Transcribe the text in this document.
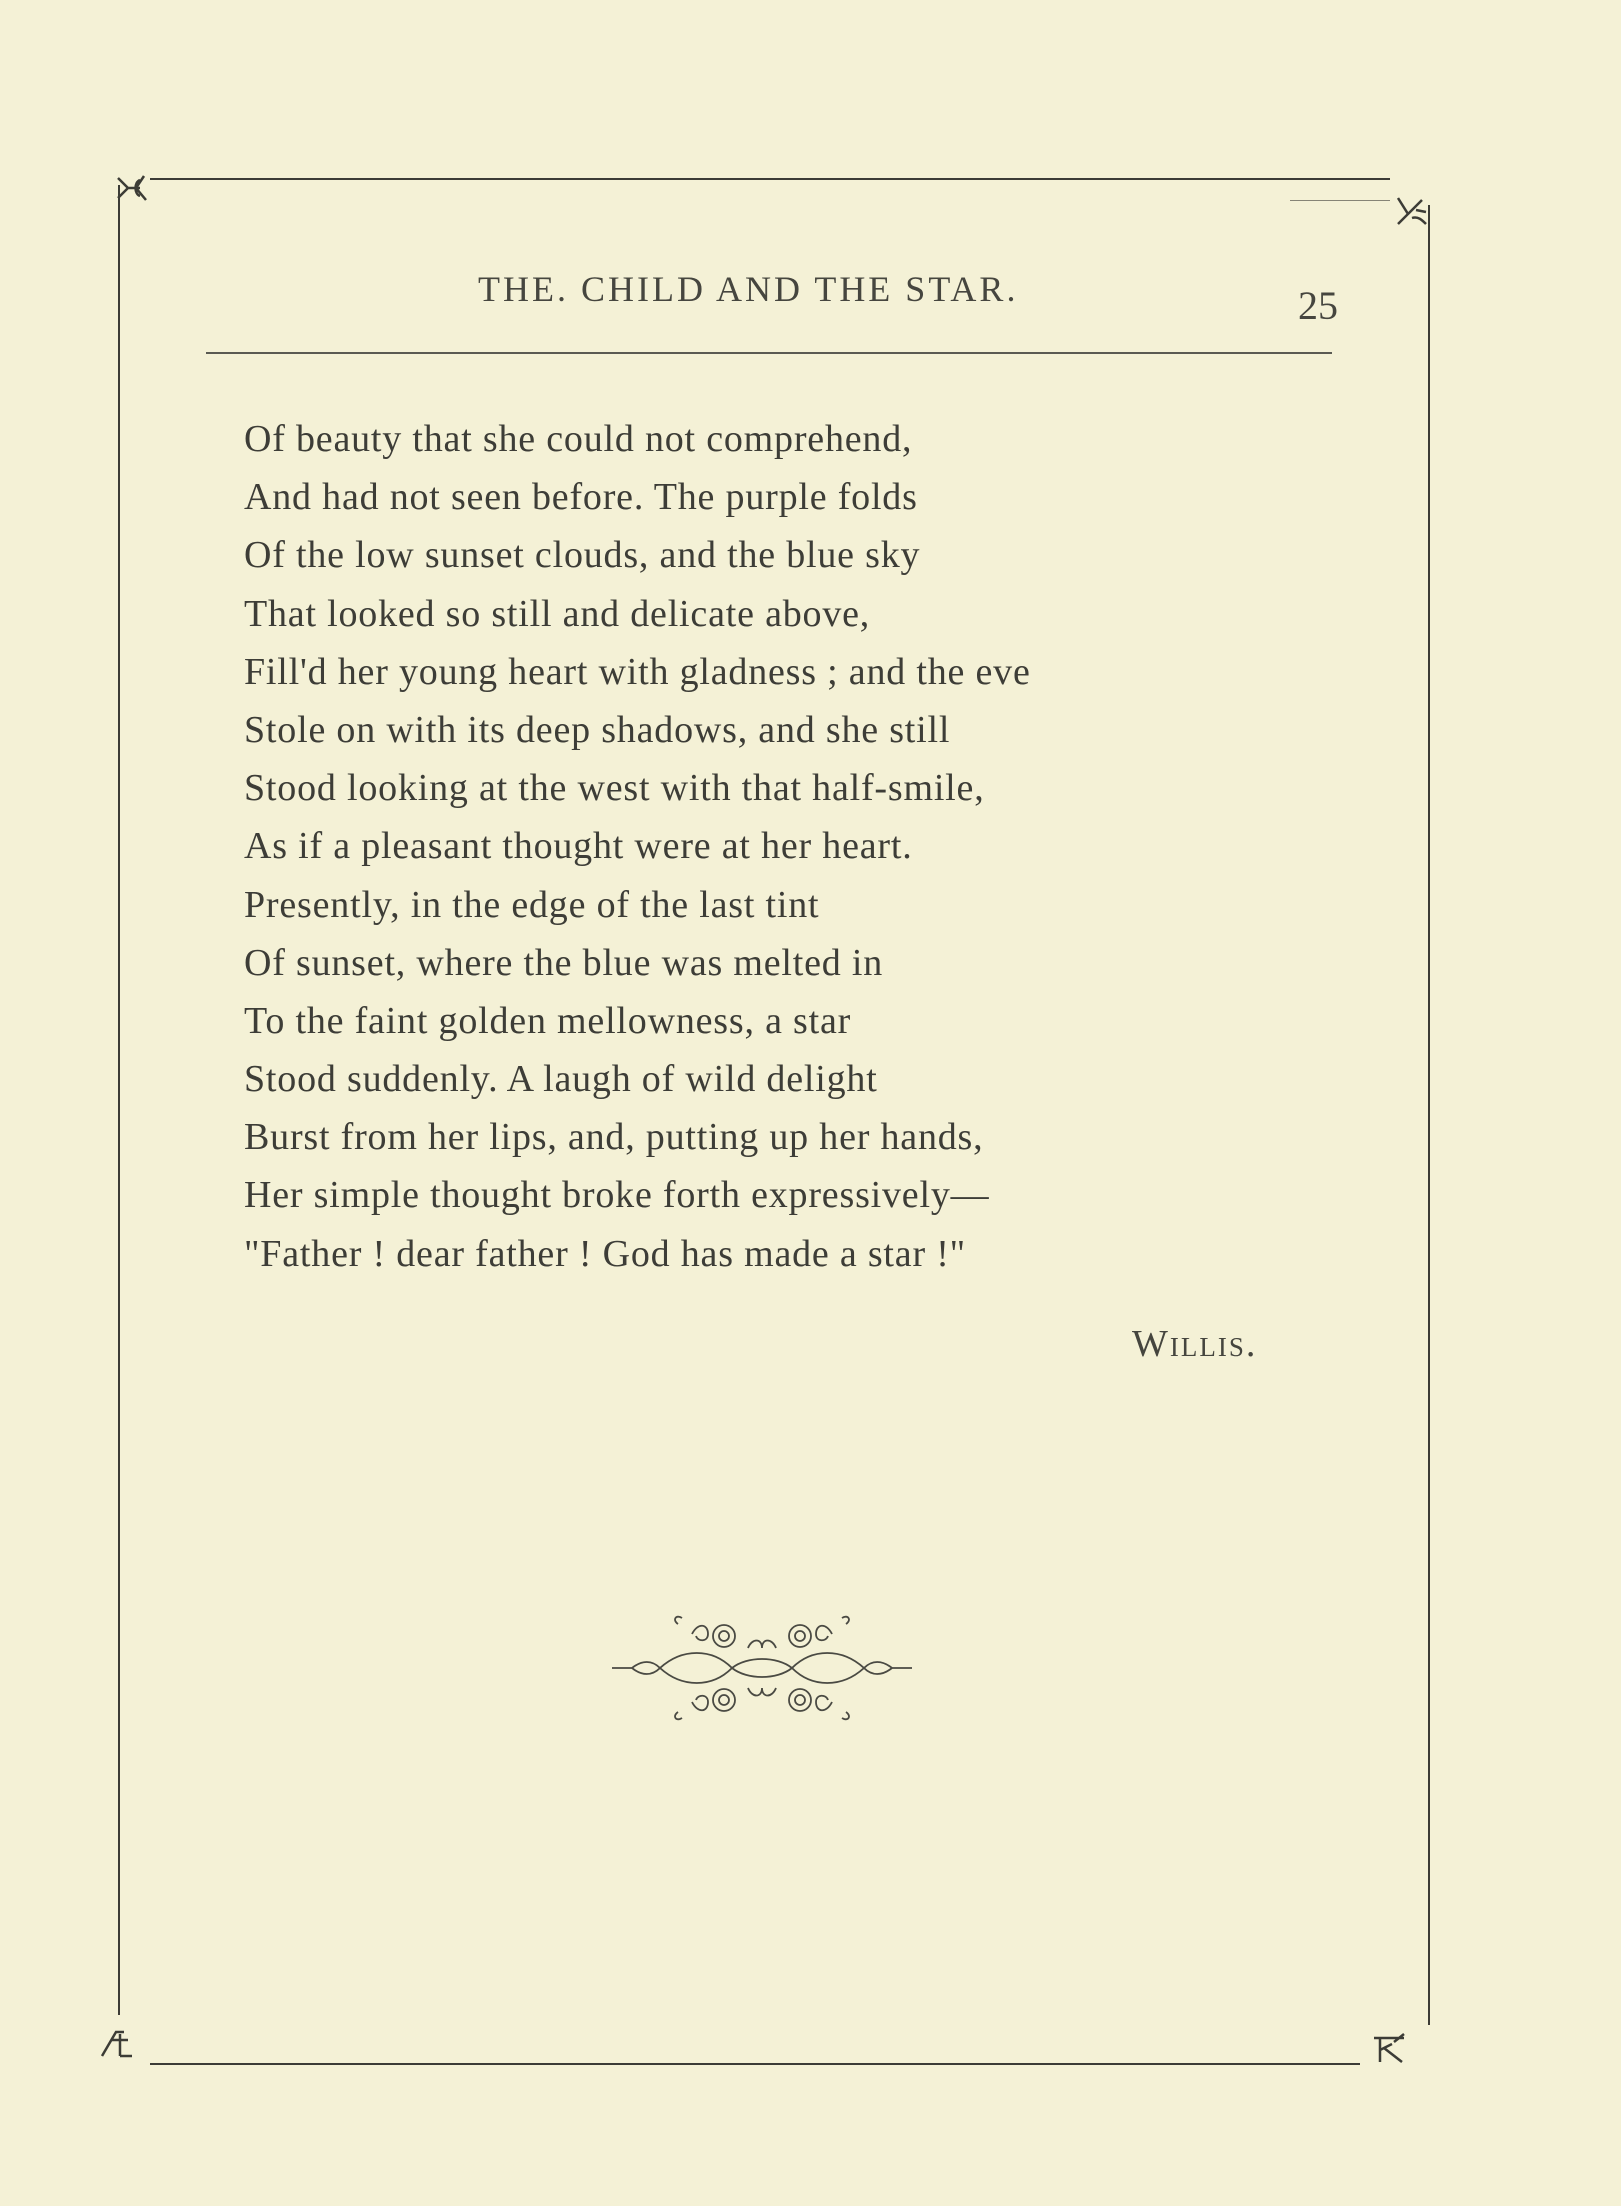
THE. CHILD AND THE STAR.	25
Of beauty that she could not comprehend,
And had not seen before. The purple folds
Of the low sunset clouds, and the blue sky
That looked so still and delicate above,
Fill'd her young heart with gladness ; and the eve
Stole on with its deep shadows, and she still
Stood looking at the west with that half-smile,
As if a pleasant thought were at her heart.
Presently, in the edge of the last tint
Of sunset, where the blue was melted in
To the faint golden mellowness, a star
Stood suddenly. A laugh of wild delight
Burst from her lips, and, putting up her hands,
Her simple thought broke forth expressively—
"Father ! dear father ! God has made a star !"
Willis.
